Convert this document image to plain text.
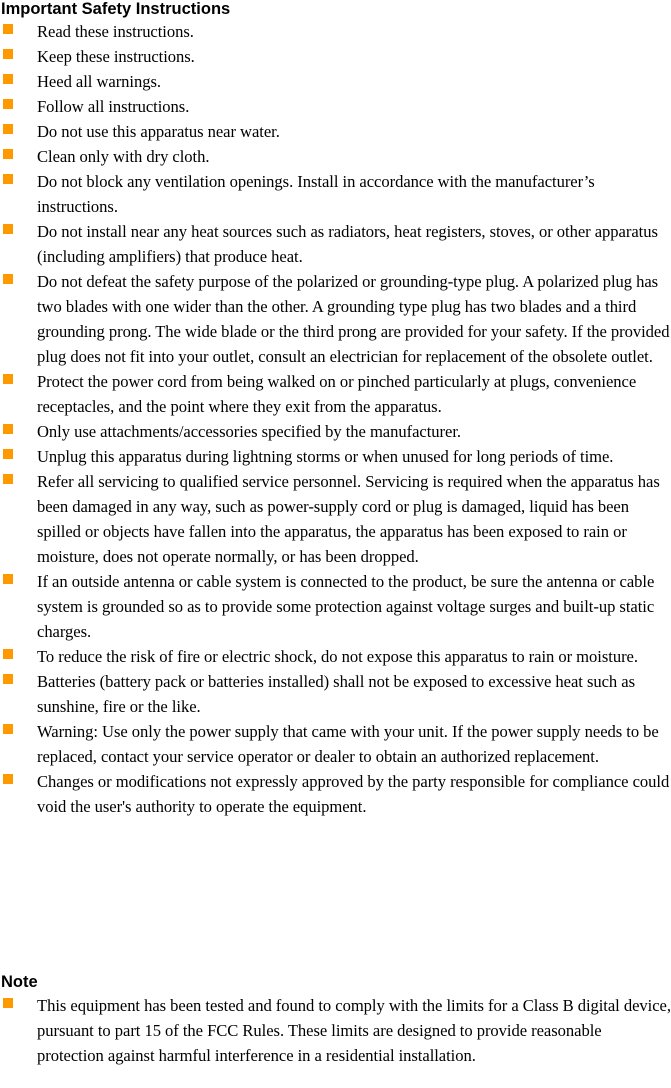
Important Safety Instructions
Read these instructions.
Keep these instructions.
Heed all warnings.
Follow all instructions.
Do not use this apparatus near water.
Clean only with dry cloth.
Do not block any ventilation openings. Install in accordance with the manufacturer’s instructions.
Do not install near any heat sources such as radiators, heat registers, stoves, or other apparatus (including amplifiers) that produce heat.
Do not defeat the safety purpose of the polarized or grounding-type plug. A polarized plug has two blades with one wider than the other. A grounding type plug has two blades and a third grounding prong. The wide blade or the third prong are provided for your safety. If the provided plug does not fit into your outlet, consult an electrician for replacement of the obsolete outlet.
Protect the power cord from being walked on or pinched particularly at plugs, convenience receptacles, and the point where they exit from the apparatus.
Only use attachments/accessories specified by the manufacturer.
Unplug this apparatus during lightning storms or when unused for long periods of time.
Refer all servicing to qualified service personnel. Servicing is required when the apparatus has been damaged in any way, such as power-supply cord or plug is damaged, liquid has been spilled or objects have fallen into the apparatus, the apparatus has been exposed to rain or moisture, does not operate normally, or has been dropped.
If an outside antenna or cable system is connected to the product, be sure the antenna or cable system is grounded so as to provide some protection against voltage surges and built-up static charges.
To reduce the risk of fire or electric shock, do not expose this apparatus to rain or moisture.
Batteries (battery pack or batteries installed) shall not be exposed to excessive heat such as sunshine, fire or the like.
Warning: Use only the power supply that came with your unit. If the power supply needs to be replaced, contact your service operator or dealer to obtain an authorized replacement.
Changes or modifications not expressly approved by the party responsible for compliance could void the user's authority to operate the equipment.
Note
This equipment has been tested and found to comply with the limits for a Class B digital device, pursuant to part 15 of the FCC Rules. These limits are designed to provide reasonable protection against harmful interference in a residential installation.
